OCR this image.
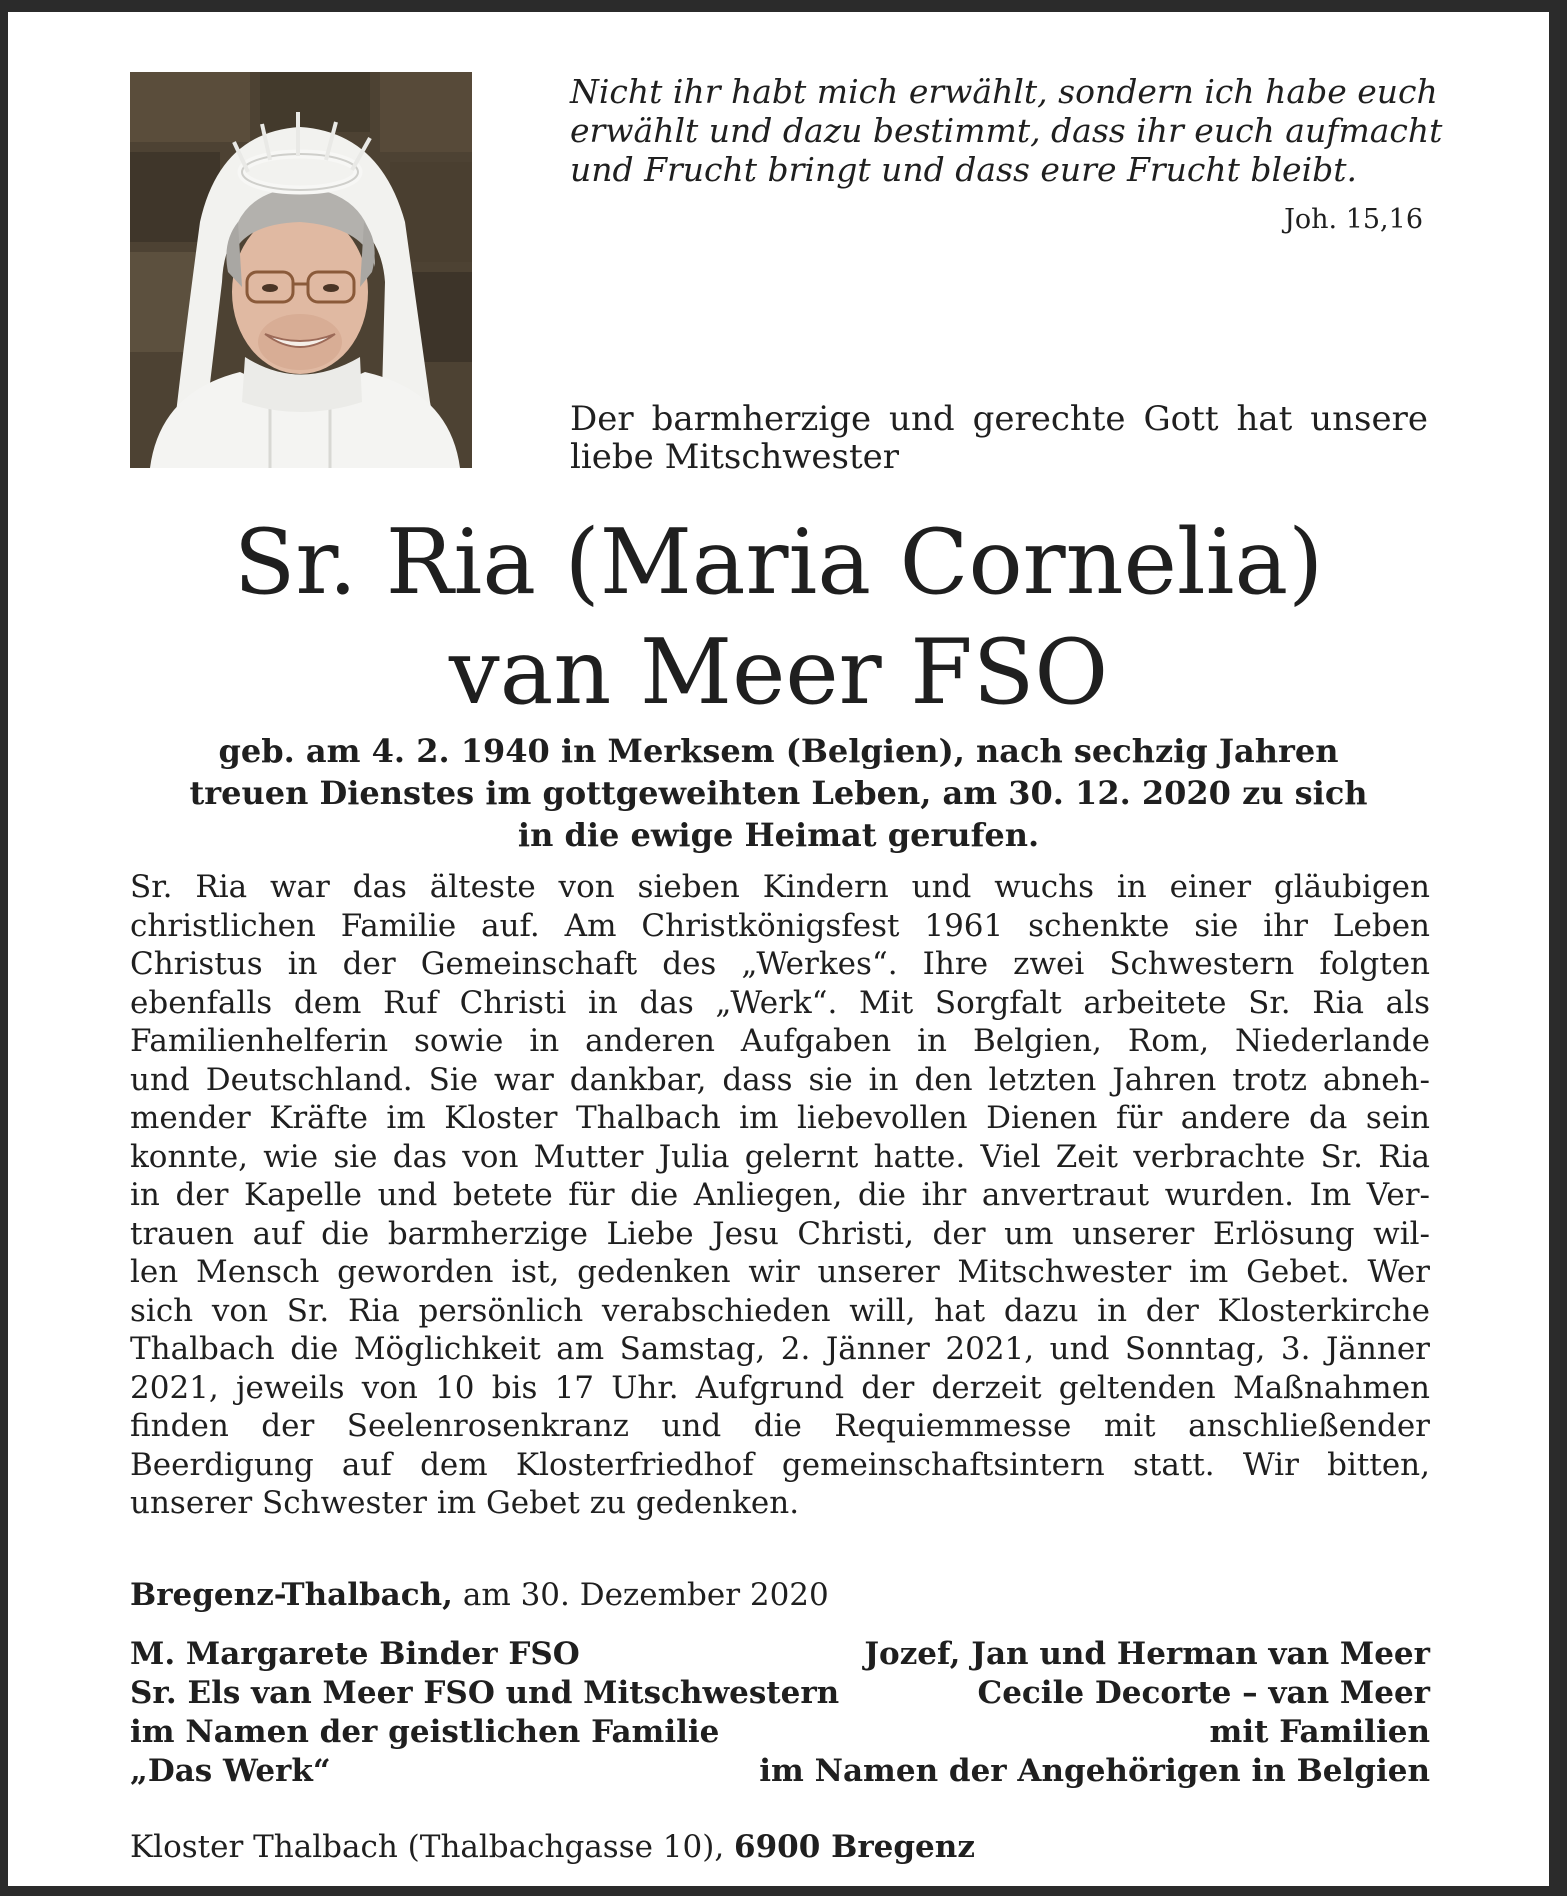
Nicht ihr habt mich erwählt, sondern ich habe euch
erwählt und dazu bestimmt, dass ihr euch aufmacht
und Frucht bringt und dass eure Frucht bleibt.
Joh. 15,16
Der barmherzige und gerechte Gott hat unsere
liebe Mitschwester
Sr. Ria (Maria Cornelia)
van Meer FSO
geb. am 4. 2. 1940 in Merksem (Belgien), nach sechzig Jahren
treuen Dienstes im gottgeweihten Leben, am 30. 12. 2020 zu sich
in die ewige Heimat gerufen.
Sr. Ria war das älteste von sieben Kindern und wuchs in einer gläubigen
christlichen Familie auf. Am Christkönigsfest 1961 schenkte sie ihr Leben
Christus in der Gemeinschaft des „Werkes“. Ihre zwei Schwestern folgten
ebenfalls dem Ruf Christi in das „Werk“. Mit Sorgfalt arbeitete Sr. Ria als
Familienhelferin sowie in anderen Aufgaben in Belgien, Rom, Niederlande
und Deutschland. Sie war dankbar, dass sie in den letzten Jahren trotz abneh-
mender Kräfte im Kloster Thalbach im liebevollen Dienen für andere da sein
konnte, wie sie das von Mutter Julia gelernt hatte. Viel Zeit verbrachte Sr. Ria
in der Kapelle und betete für die Anliegen, die ihr anvertraut wurden. Im Ver-
trauen auf die barmherzige Liebe Jesu Christi, der um unserer Erlösung wil-
len Mensch geworden ist, gedenken wir unserer Mitschwester im Gebet. Wer
sich von Sr. Ria persönlich verabschieden will, hat dazu in der Klosterkirche
Thalbach die Möglichkeit am Samstag, 2. Jänner 2021, und Sonntag, 3. Jänner
2021, jeweils von 10 bis 17 Uhr. Aufgrund der derzeit geltenden Maßnahmen
finden der Seelenrosenkranz und die Requiemmesse mit anschließender
Beerdigung auf dem Klosterfriedhof gemeinschaftsintern statt. Wir bitten,
unserer Schwester im Gebet zu gedenken.
Bregenz-Thalbach, am 30. Dezember 2020
M. Margarete Binder FSO
Sr. Els van Meer FSO und Mitschwestern
im Namen der geistlichen Familie
„Das Werk“
Jozef, Jan und Herman van Meer
Cecile Decorte – van Meer
mit Familien
im Namen der Angehörigen in Belgien
Kloster Thalbach (Thalbachgasse 10), 6900 Bregenz
